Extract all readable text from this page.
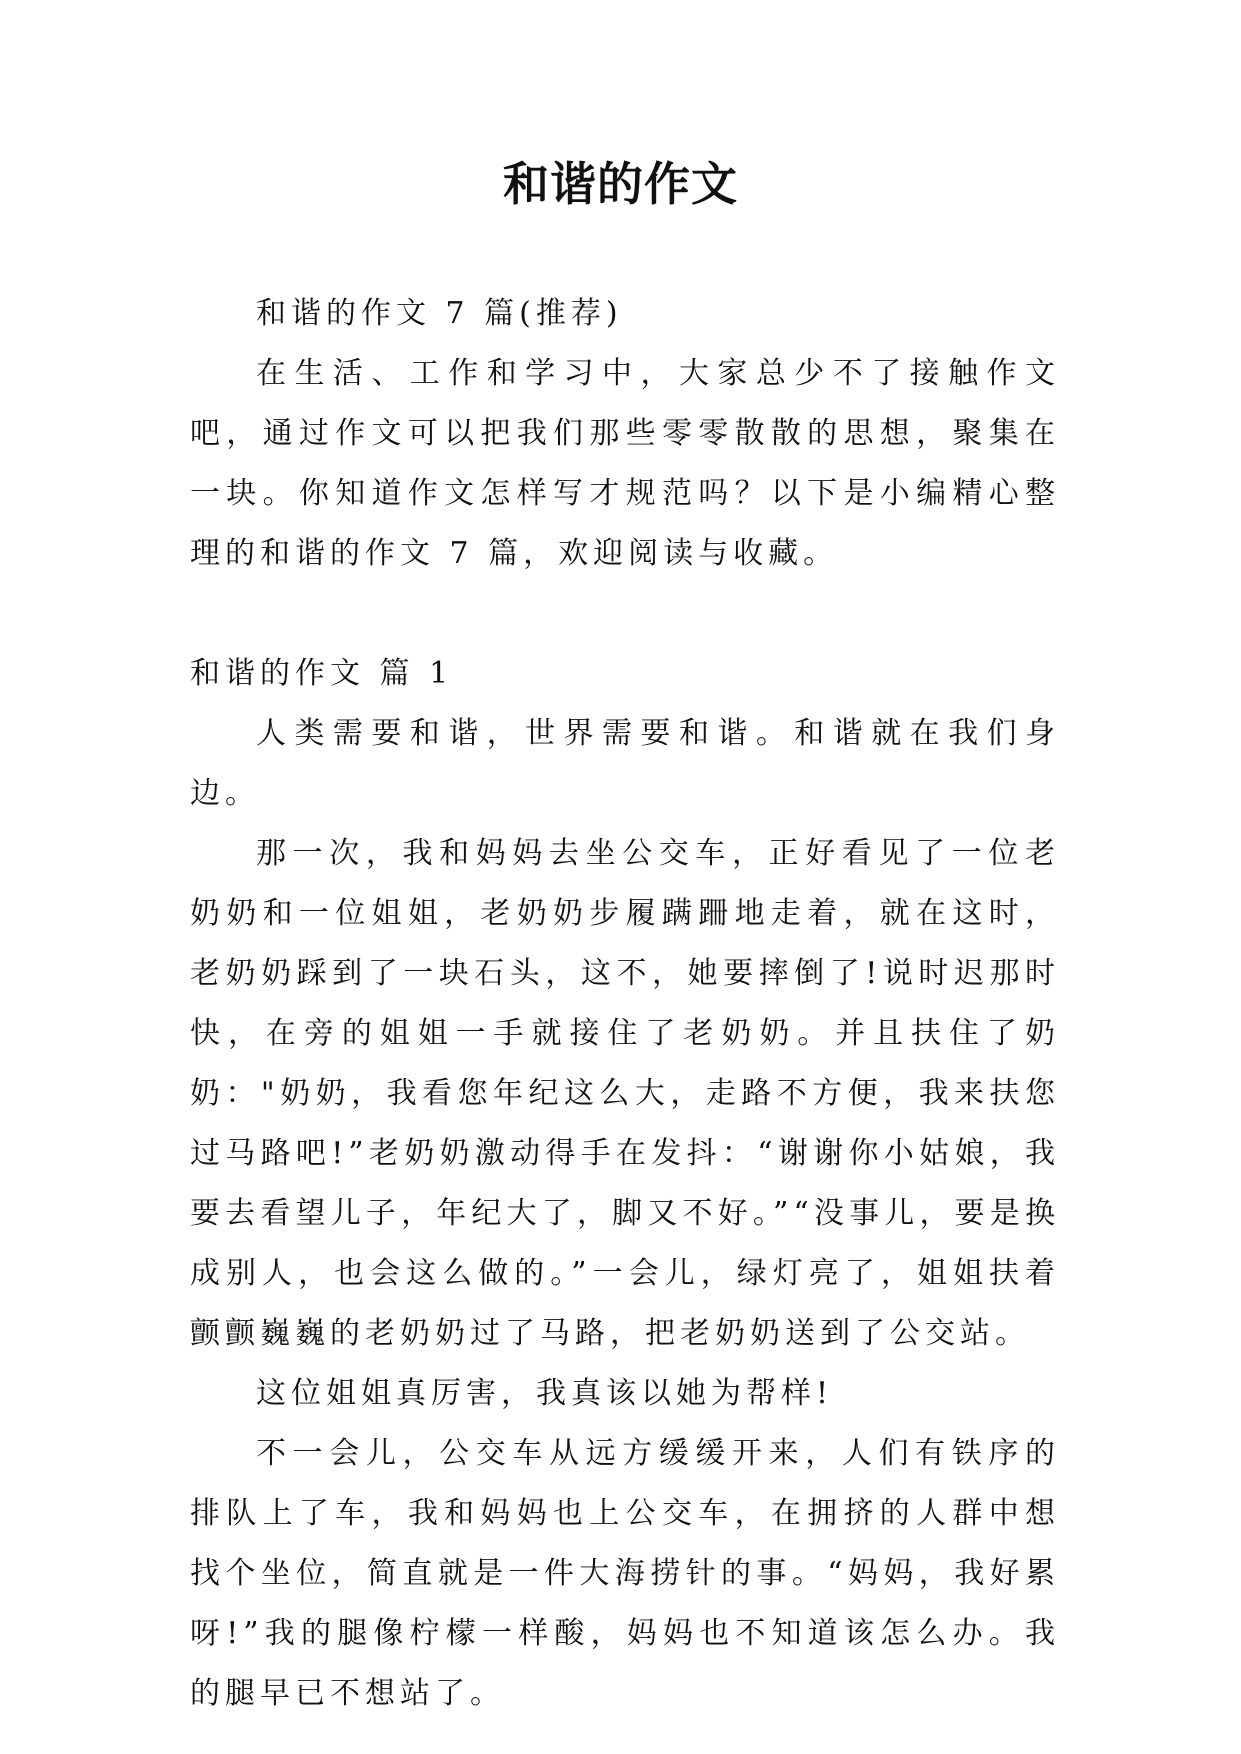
和谐的作文

和谐的作文 7 篇(推荐)

在生活、工作和学习中，大家总少不了接触作文吧，通过作文可以把我们那些零零散散的思想，聚集在一块。你知道作文怎样写才规范吗？以下是小编精心整理的和谐的作文 7 篇，欢迎阅读与收藏。

和谐的作文 篇 1

人类需要和谐，世界需要和谐。和谐就在我们身边。

那一次，我和妈妈去坐公交车，正好看见了一位老奶奶和一位姐姐，老奶奶步履蹒跚地走着，就在这时，老奶奶踩到了一块石头，这不，她要摔倒了!说时迟那时快，在旁的姐姐一手就接住了老奶奶。并且扶住了奶奶："奶奶，我看您年纪这么大，走路不方便，我来扶您过马路吧!”老奶奶激动得手在发抖：“谢谢你小姑娘，我要去看望儿子，年纪大了，脚又不好。”“没事儿，要是换成别人，也会这么做的。”一会儿，绿灯亮了，姐姐扶着颤颤巍巍的老奶奶过了马路，把老奶奶送到了公交站。

这位姐姐真厉害，我真该以她为帮样!

不一会儿，公交车从远方缓缓开来，人们有铁序的排队上了车，我和妈妈也上公交车，在拥挤的人群中想找个坐位，简直就是一件大海捞针的事。“妈妈，我好累呀!”我的腿像柠檬一样酸，妈妈也不知道该怎么办。我的腿早已不想站了。
